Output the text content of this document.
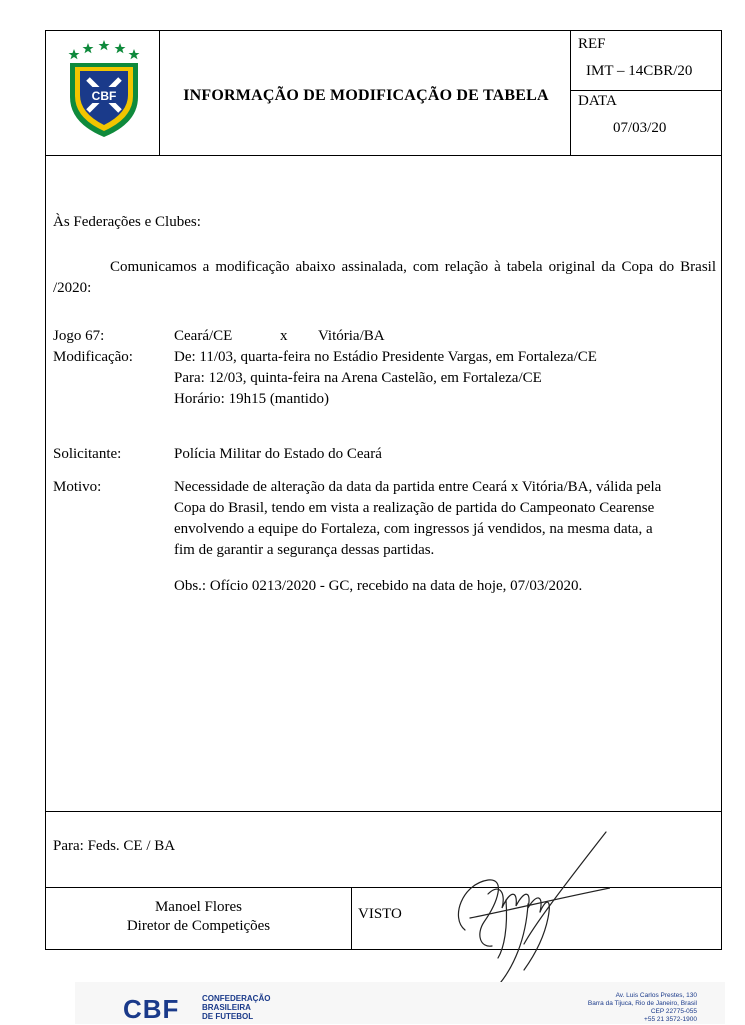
CBF	INFORMAÇÃO DE MODIFICAÇÃO DE TABELA
REF
IMT – 14CBR/20
DATA
07/03/20
Às Federações e Clubes:
Comunicamos a modificação abaixo assinalada, com relação à tabela original da Copa do Brasil /2020:
Jogo 67:	Ceará/CE	x Vitória/BA
Modificação:	De: 11/03, quarta-feira no Estádio Presidente Vargas, em Fortaleza/CE
Para: 12/03, quinta-feira na Arena Castelão, em Fortaleza/CE
Horário: 19h15 (mantido)
Solicitante:	Polícia Militar do Estado do Ceará
Motivo:	Necessidade de alteração da data da partida entre Ceará x Vitória/BA, válida pela Copa do Brasil, tendo em vista a realização de partida do Campeonato Cearense envolvendo a equipe do Fortaleza, com ingressos já vendidos, na mesma data, a fim de garantir a segurança dessas partidas.
Obs.: Ofício 0213/2020 - GC, recebido na data de hoje, 07/03/2020.
Para: Feds. CE / BA
Manoel Flores
Diretor de Competições
VISTO
CBF	CONFEDERAÇÃO
BRASILEIRA
DE FUTEBOL
Av. Luis Carlos Prestes, 130
Barra da Tijuca, Rio de Janeiro, Brasil
CEP 22775-055
+55 21 3572-1900
